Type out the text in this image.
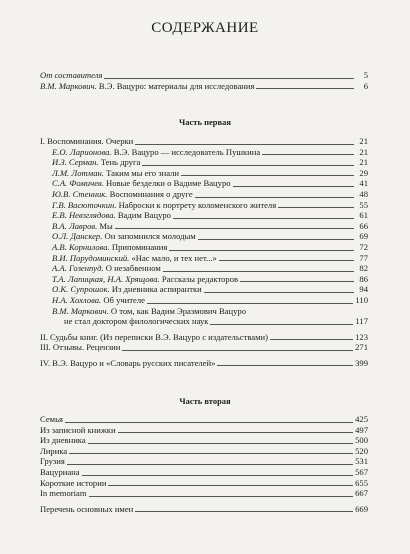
СОДЕРЖАНИЕ
От составителя	5
В.М. Маркович. В.Э. Вацуро: материалы для исследования	6
Часть первая
I. Воспоминания. Очерки	21
Е.О. Ларионова. В.Э. Вацуро — исследователь Пушкина	21
И.З. Серман. Тень друга	21
Л.М. Лотман. Таким мы его знали	29
С.А. Фомичев. Новые безделки о Вадиме Вацуро	41
Ю.В. Стенник. Воспоминания о друге	48
Г.В. Васюточкин. Наброски к портрету коломенского жителя	55
Е.В. Невзглядова. Вадим Вацуро	61
В.А. Лавров. Мы	66
О.Л. Данскер. Он запомнился молодым	69
А.В. Корнилова. Припоминания	72
В.И. Порудоминский. «Нас мало, и тех нет...»	77
А.А. Гозенпуд. О незабвенном	82
Т.А. Лапицкая, Н.А. Хрящова. Рассказы редакторов	86
О.К. Супрошок. Из дневника аспирантки	94
Н.А. Хохлова. Об учителе	110
В.М. Маркович. О том, как Вадим Эразмович Вацуро
не стал доктором филологических наук	117
II. Судьбы книг. (Из переписки В.Э. Вацуро с издательствами)	123
III. Отзывы. Рецензии	271
IV. В.Э. Вацуро и «Словарь русских писателей»	399
Часть вторая
Семья	425
Из записной книжки	497
Из дневника	500
Лирика	520
Грузия	531
Вацуриана	567
Короткие истории	655
In memoriam	667
Перечень основных имен	669
